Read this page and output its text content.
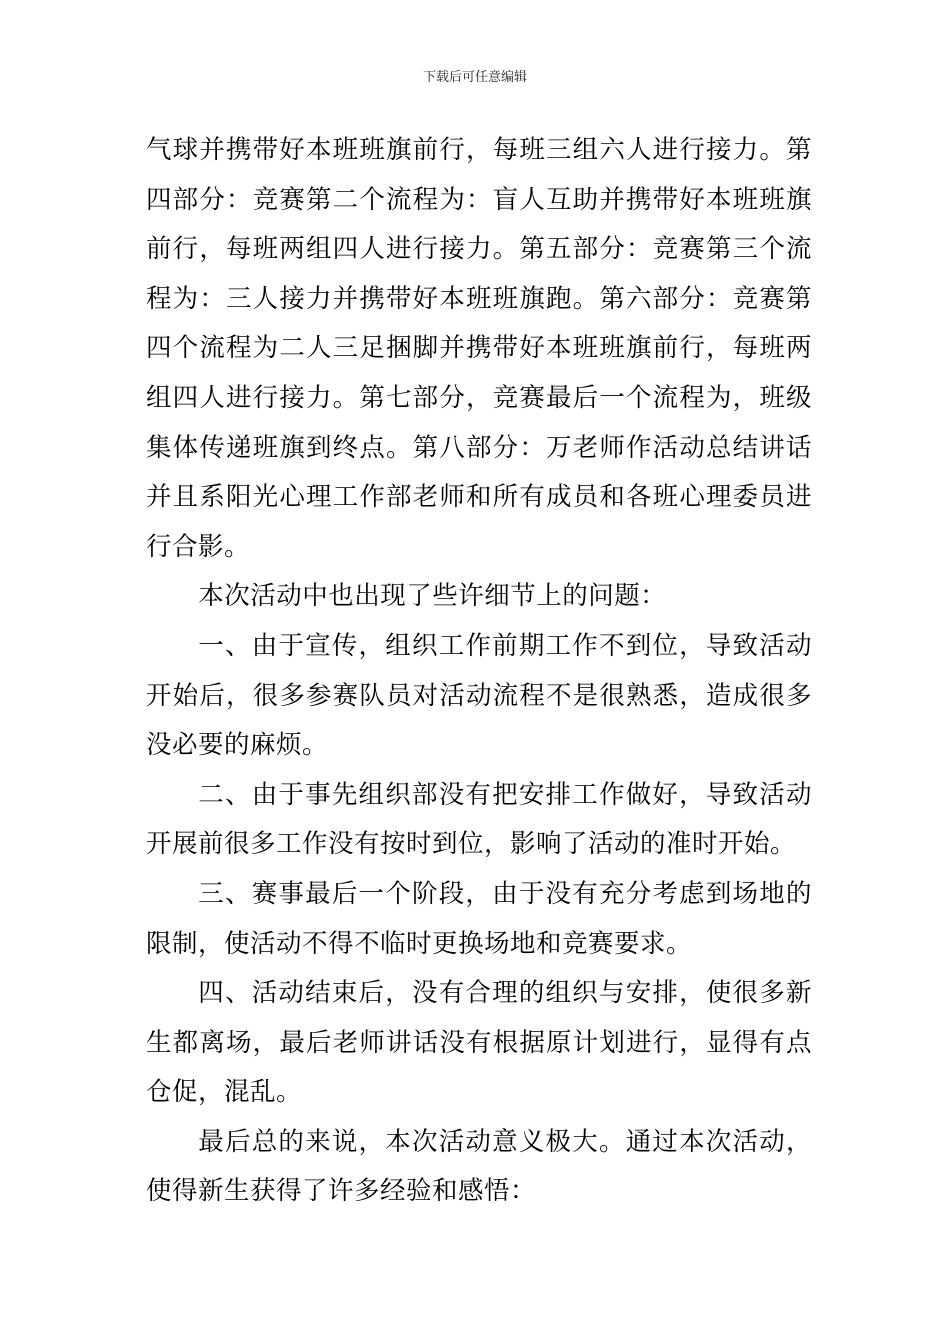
下载后可任意编辑

气球并携带好本班班旗前行，每班三组六人进行接力。第四部分：竞赛第二个流程为：盲人互助并携带好本班班旗前行，每班两组四人进行接力。第五部分：竞赛第三个流程为：三人接力并携带好本班班旗跑。第六部分：竞赛第四个流程为二人三足捆脚并携带好本班班旗前行，每班两组四人进行接力。第七部分，竞赛最后一个流程为，班级集体传递班旗到终点。第八部分：万老师作活动总结讲话并且系阳光心理工作部老师和所有成员和各班心理委员进行合影。

本次活动中也出现了些许细节上的问题：

一、由于宣传，组织工作前期工作不到位，导致活动开始后，很多参赛队员对活动流程不是很熟悉，造成很多没必要的麻烦。

二、由于事先组织部没有把安排工作做好，导致活动开展前很多工作没有按时到位，影响了活动的准时开始。

三、赛事最后一个阶段，由于没有充分考虑到场地的限制，使活动不得不临时更换场地和竞赛要求。

四、活动结束后，没有合理的组织与安排，使很多新生都离场，最后老师讲话没有根据原计划进行，显得有点仓促，混乱。

最后总的来说，本次活动意义极大。通过本次活动，使得新生获得了许多经验和感悟：
